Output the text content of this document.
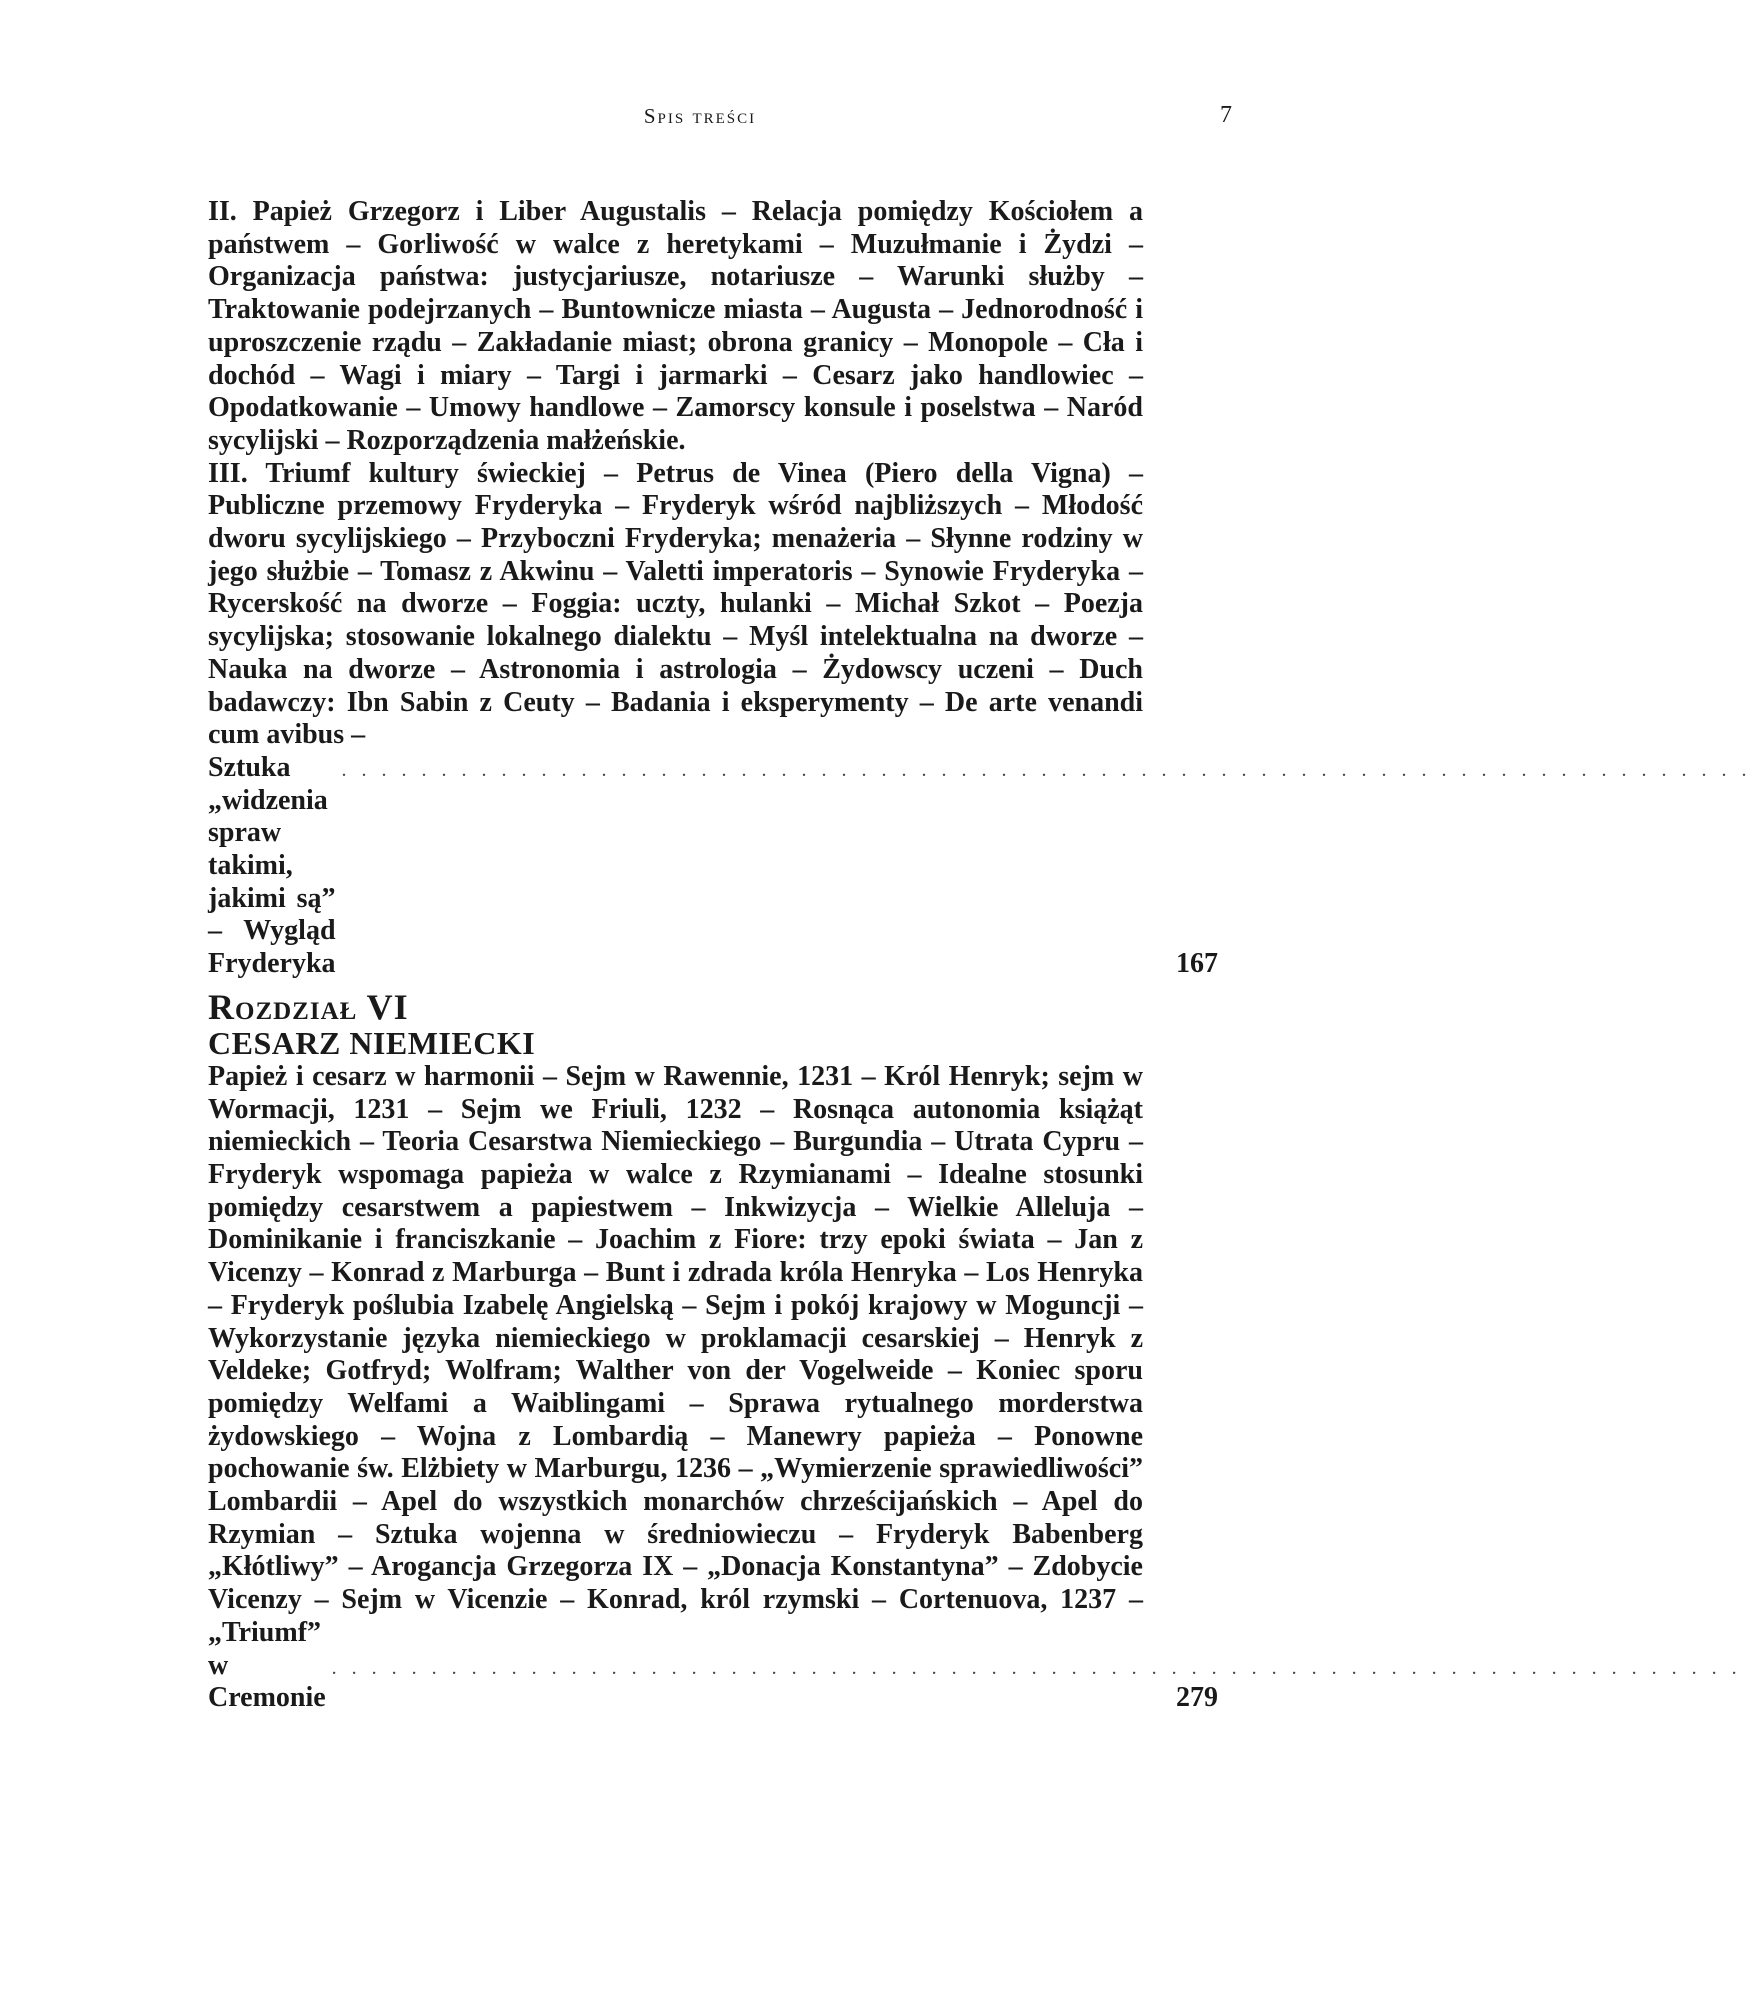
Spis treści	7
II. Papież Grzegorz i Liber Augustalis – Relacja pomiędzy Kościołem a państwem – Gorliwość w walce z heretykami – Muzułmanie i Żydzi – Organizacja państwa: justycjariusze, notariusze – Warunki służby – Traktowanie podejrzanych – Buntownicze miasta – Augusta – Jednorodność i uproszczenie rządu – Zakładanie miast; obrona granicy – Monopole – Cła i dochód – Wagi i miary – Targi i jarmarki – Cesarz jako handlowiec – Opodatkowanie – Umowy handlowe – Zamorscy konsule i poselstwa – Naród sycylijski – Rozporządzenia małżeńskie.
III. Triumf kultury świeckiej – Petrus de Vinea (Piero della Vigna) – Publiczne przemowy Fryderyka – Fryderyk wśród najbliższych – Młodość dworu sycylijskiego – Przyboczni Fryderyka; menażeria – Słynne rodziny w jego służbie – Tomasz z Akwinu – Valetti imperatoris – Synowie Fryderyka – Rycerskość na dworze – Foggia: uczty, hulanki – Michał Szkot – Poezja sycylijska; stosowanie lokalnego dialektu – Myśl intelektualna na dworze – Nauka na dworze – Astronomia i astrologia – Żydowscy uczeni – Duch badawczy: Ibn Sabin z Ceuty – Badania i eksperymenty – De arte venandi cum avibus –
Sztuka „widzenia spraw takimi, jakimi są” – Wygląd Fryderyka
. . . . . . . . . . . . . . . . . . . . . . . . . . . . . . . . . . . . . . . . . . . . . . . . . . . . . . . . . . . . . . . . . . . . . . .
167
Rozdział VI
CESARZ NIEMIECKI
Papież i cesarz w harmonii – Sejm w Rawennie, 1231 – Król Henryk; sejm w Wormacji, 1231 – Sejm we Friuli, 1232 – Rosnąca autonomia książąt niemieckich – Teoria Cesarstwa Niemieckiego – Burgundia – Utrata Cypru – Fryderyk wspomaga papieża w walce z Rzymianami – Idealne stosunki pomiędzy cesarstwem a papiestwem – Inkwizycja – Wielkie Alleluja – Dominikanie i franciszkanie – Joachim z Fiore: trzy epoki świata – Jan z Vicenzy – Konrad z Marburga – Bunt i zdrada króla Henryka – Los Henryka – Fryderyk poślubia Izabelę Angielską – Sejm i pokój krajowy w Moguncji – Wykorzystanie języka niemieckiego w proklamacji cesarskiej – Henryk z Veldeke; Gotfryd; Wolfram; Walther von der Vogelweide – Koniec sporu pomiędzy Welfami a Waiblingami – Sprawa rytualnego morderstwa żydowskiego – Wojna z Lombardią – Manewry papieża – Ponowne pochowanie św. Elżbiety w Marburgu, 1236 – „Wymierzenie sprawiedliwości” Lombardii – Apel do wszystkich monarchów chrześcijańskich – Apel do Rzymian – Sztuka wojenna w średniowieczu – Fryderyk Babenberg „Kłótliwy” – Arogancja Grzegorza IX – „Donacja Konstantyna” – Zdobycie Vicenzy – Sejm w Vicenzie – Konrad, król rzymski – Cortenuova, 1237 – „Triumf”
w Cremonie
. . . . . . . . . . . . . . . . . . . . . . . . . . . . . . . . . . . . . . . . . . . . . . . . . . . . . . . . . . . . . . . . . . . . . . .
279
